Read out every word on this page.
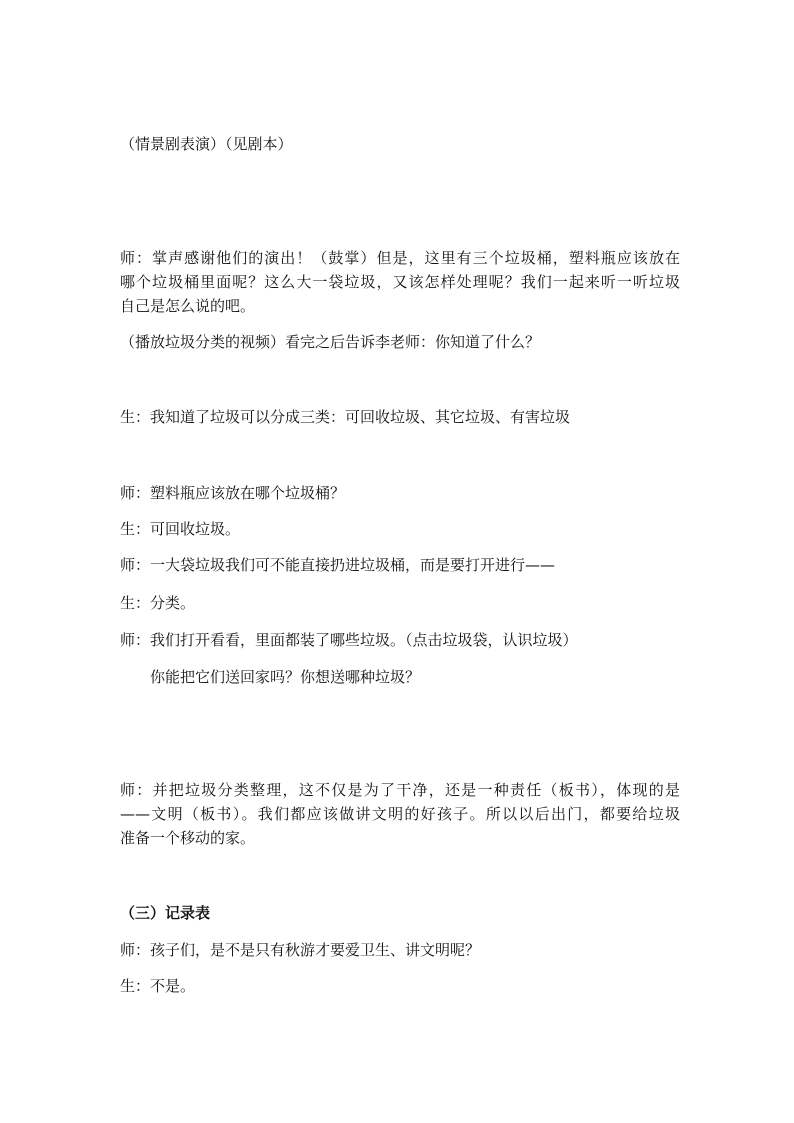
（情景剧表演）（见剧本）
师：掌声感谢他们的演出！（鼓掌）但是，这里有三个垃圾桶，塑料瓶应该放在
哪个垃圾桶里面呢？这么大一袋垃圾，又该怎样处理呢？我们一起来听一听垃圾
自己是怎么说的吧。
（播放垃圾分类的视频）看完之后告诉李老师：你知道了什么？
生：我知道了垃圾可以分成三类：可回收垃圾、其它垃圾、有害垃圾
师：塑料瓶应该放在哪个垃圾桶？
生：可回收垃圾。
师：一大袋垃圾我们可不能直接扔进垃圾桶，而是要打开进行——
生：分类。
师：我们打开看看，里面都装了哪些垃圾。（点击垃圾袋，认识垃圾）
你能把它们送回家吗？你想送哪种垃圾？
师：并把垃圾分类整理，这不仅是为了干净，还是一种责任（板书），体现的是
——文明（板书）。我们都应该做讲文明的好孩子。所以以后出门，都要给垃圾
准备一个移动的家。
（三）记录表
师：孩子们，是不是只有秋游才要爱卫生、讲文明呢？
生：不是。
